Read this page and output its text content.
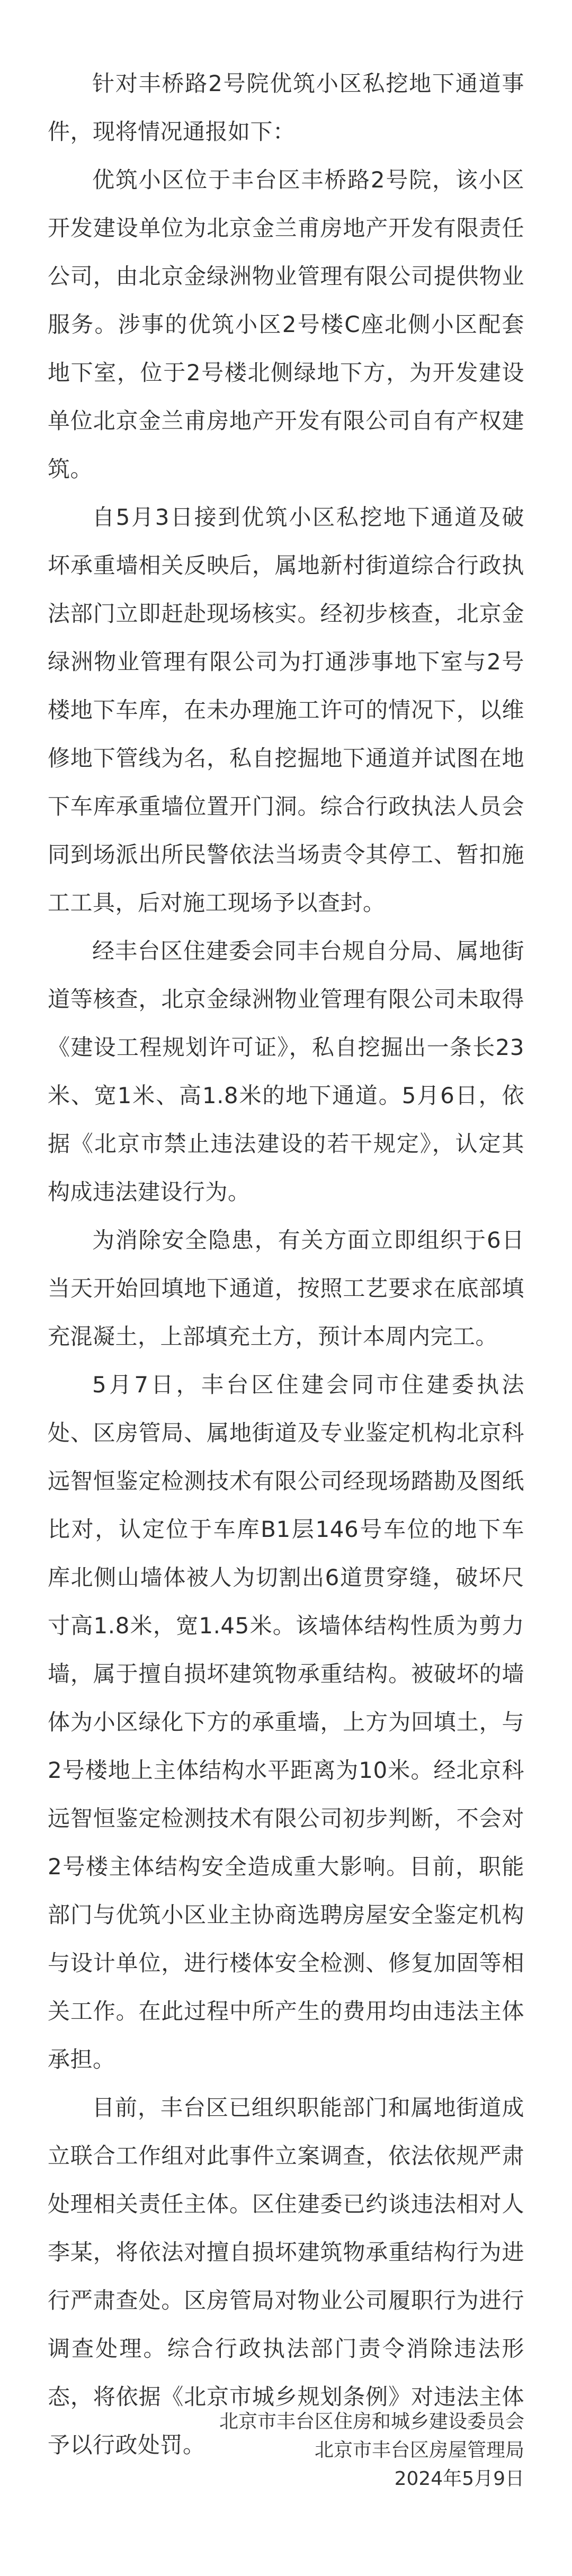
针对丰桥路2号院优筑小区私挖地下通道事件，现将情况通报如下：

优筑小区位于丰台区丰桥路2号院，该小区开发建设单位为北京金兰甫房地产开发有限责任公司，由北京金绿洲物业管理有限公司提供物业服务。涉事的优筑小区2号楼C座北侧小区配套地下室，位于2号楼北侧绿地下方，为开发建设单位北京金兰甫房地产开发有限公司自有产权建筑。

自5月3日接到优筑小区私挖地下通道及破坏承重墙相关反映后，属地新村街道综合行政执法部门立即赶赴现场核实。经初步核查，北京金绿洲物业管理有限公司为打通涉事地下室与2号楼地下车库，在未办理施工许可的情况下，以维修地下管线为名，私自挖掘地下通道并试图在地下车库承重墙位置开门洞。综合行政执法人员会同到场派出所民警依法当场责令其停工、暂扣施工工具，后对施工现场予以查封。

经丰台区住建委会同丰台规自分局、属地街道等核查，北京金绿洲物业管理有限公司未取得《建设工程规划许可证》，私自挖掘出一条长23米、宽1米、高1.8米的地下通道。5月6日，依据《北京市禁止违法建设的若干规定》，认定其构成违法建设行为。

为消除安全隐患，有关方面立即组织于6日当天开始回填地下通道，按照工艺要求在底部填充混凝土，上部填充土方，预计本周内完工。

5月7日，丰台区住建会同市住建委执法处、区房管局、属地街道及专业鉴定机构北京科远智恒鉴定检测技术有限公司经现场踏勘及图纸比对，认定位于车库B1层146号车位的地下车库北侧山墙体被人为切割出6道贯穿缝，破坏尺寸高1.8米，宽1.45米。该墙体结构性质为剪力墙，属于擅自损坏建筑物承重结构。被破坏的墙体为小区绿化下方的承重墙，上方为回填土，与2号楼地上主体结构水平距离为10米。经北京科远智恒鉴定检测技术有限公司初步判断，不会对2号楼主体结构安全造成重大影响。目前，职能部门与优筑小区业主协商选聘房屋安全鉴定机构与设计单位，进行楼体安全检测、修复加固等相关工作。在此过程中所产生的费用均由违法主体承担。

目前，丰台区已组织职能部门和属地街道成立联合工作组对此事件立案调查，依法依规严肃处理相关责任主体。区住建委已约谈违法相对人李某，将依法对擅自损坏建筑物承重结构行为进行严肃查处。区房管局对物业公司履职行为进行调查处理。综合行政执法部门责令消除违法形态，将依据《北京市城乡规划条例》对违法主体予以行政处罚。

北京市丰台区住房和城乡建设委员会
北京市丰台区房屋管理局
2024年5月9日
